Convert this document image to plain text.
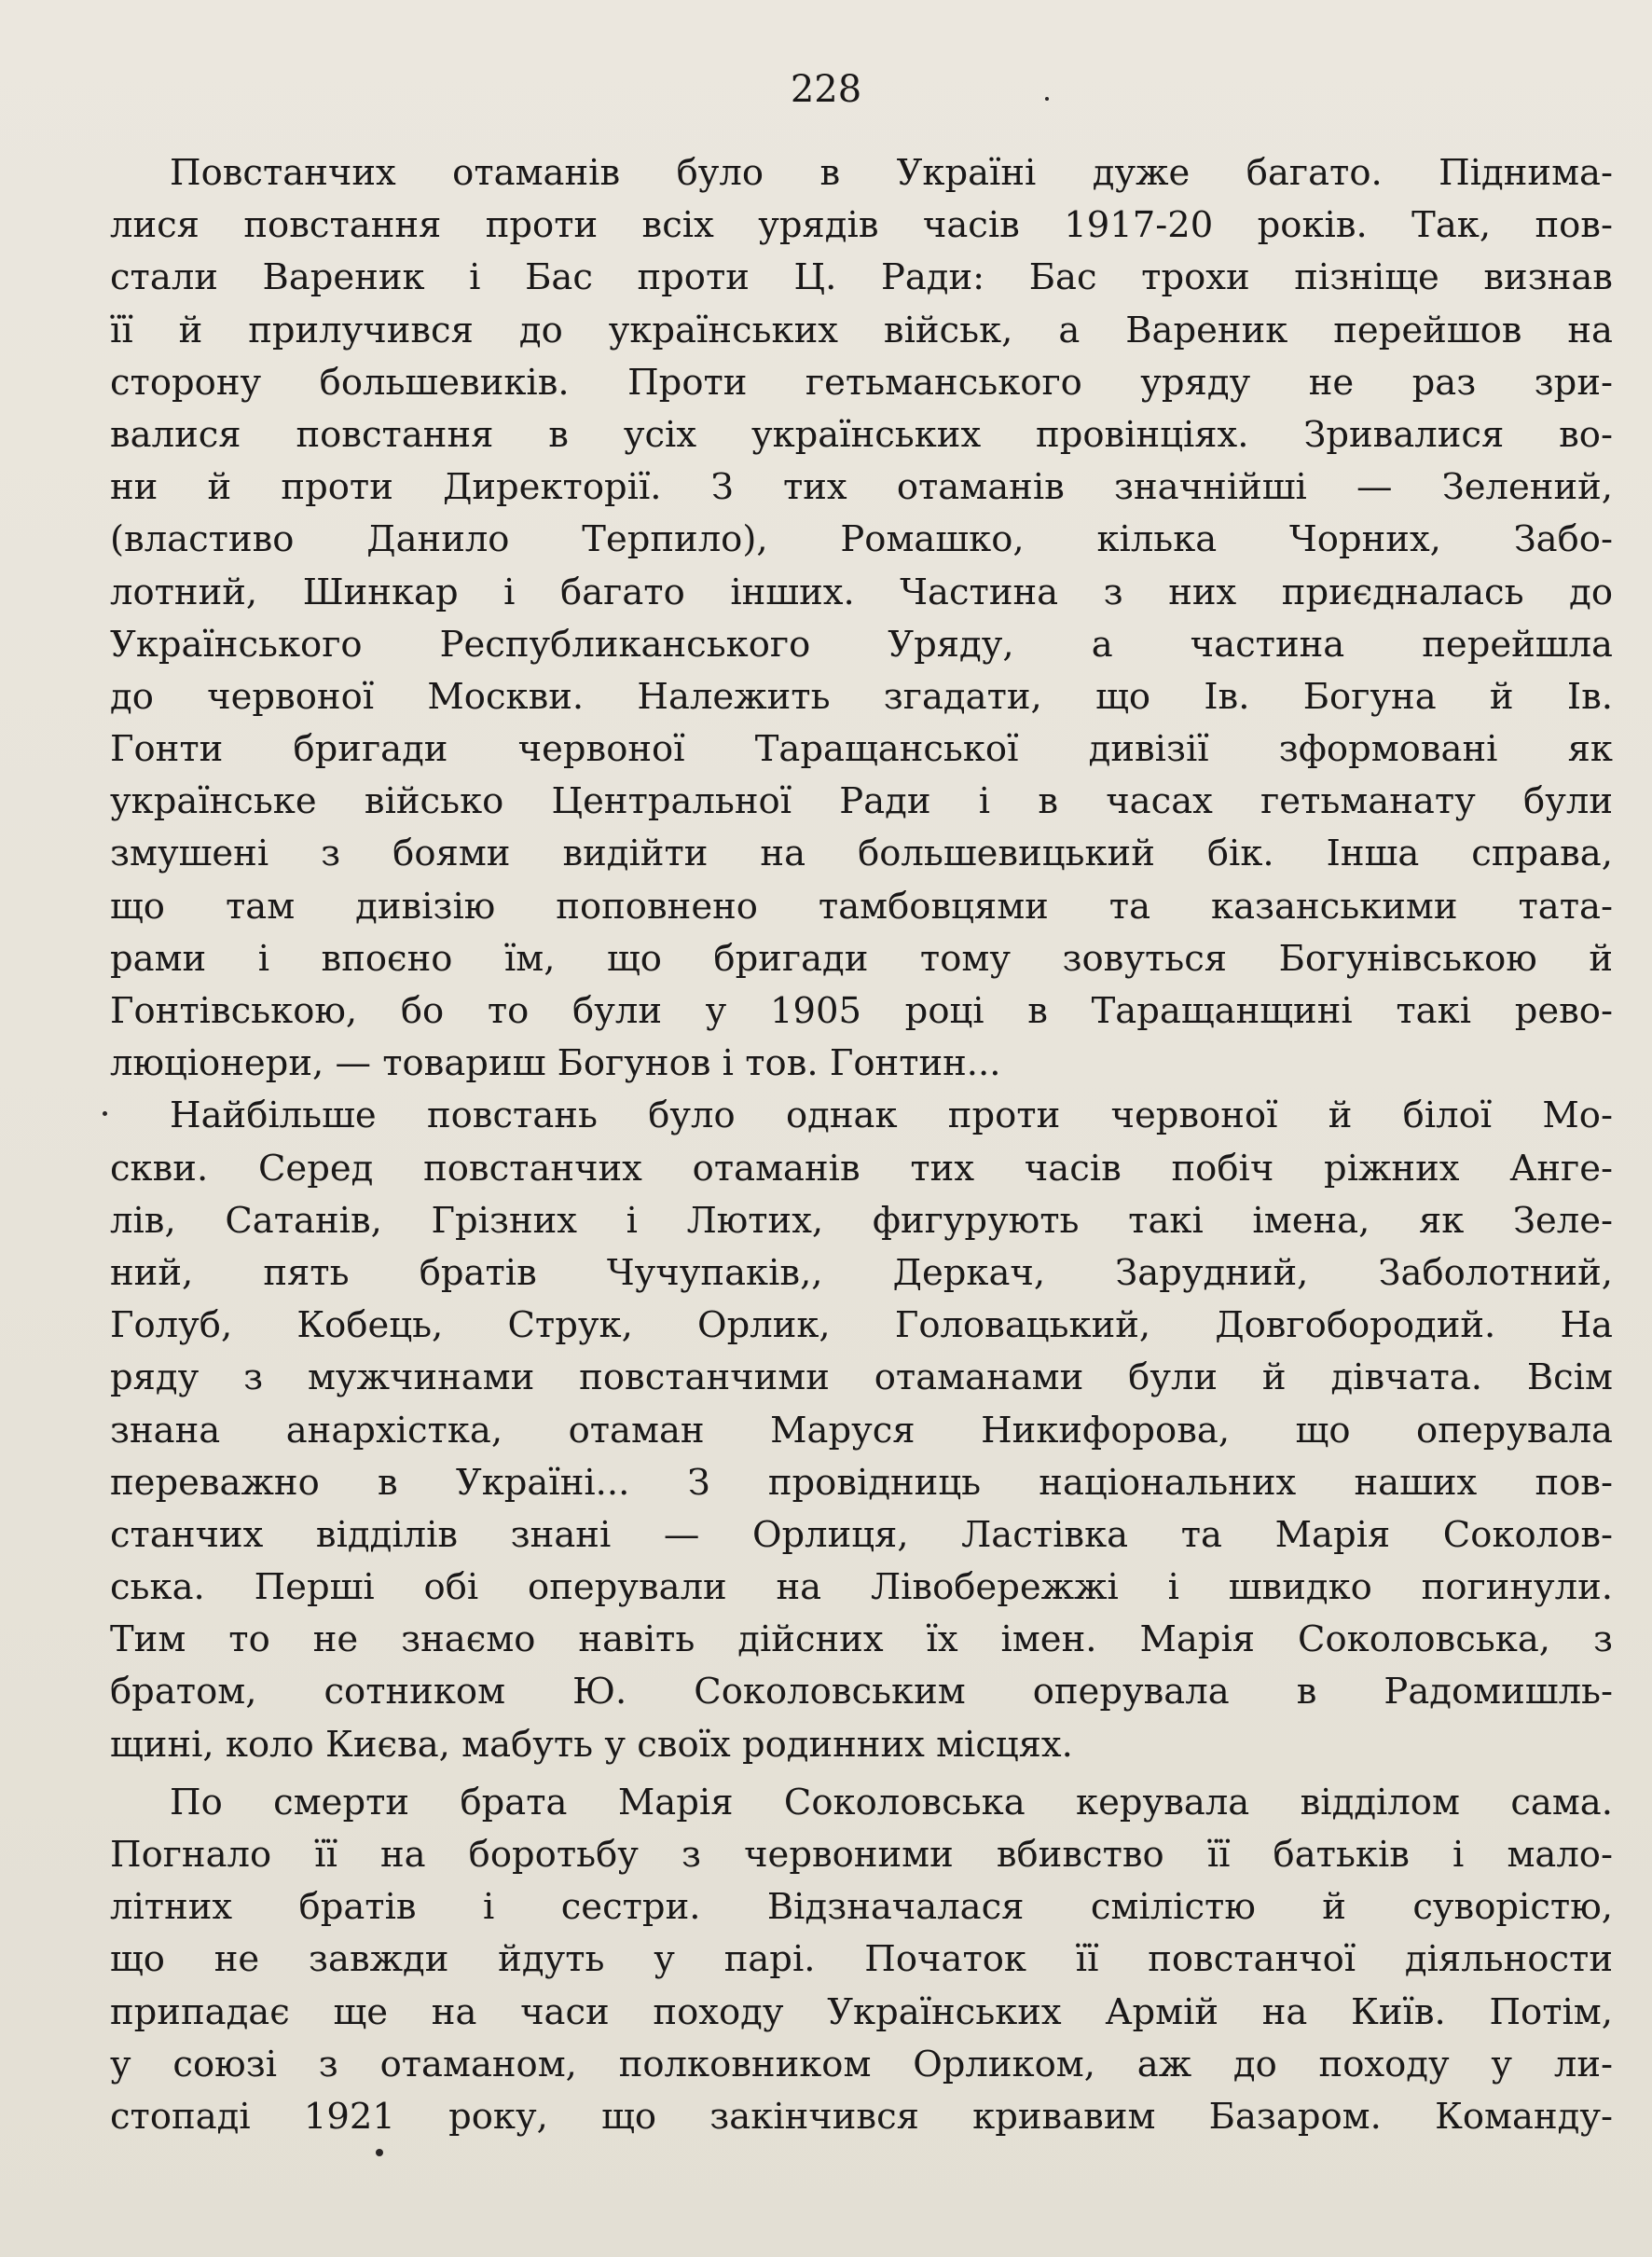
228

Повстанчих отаманів було в Україні дуже багато. Піднима-
лися повстання проти всіх урядів часів 1917-20 років. Так, пов-
стали Вареник і Бас проти Ц. Ради: Бас трохи пізніще визнав
її й прилучився до українських військ, а Вареник перейшов на
сторону большевиків. Проти гетьманського уряду не раз зри-
валися повстання в усіх українських провінціях. Зривалися во-
ни й проти Директорії. З тих отаманів значнійші — Зелений,
(властиво Данило Терпило), Ромашко, кілька Чорних, Забо-
лотний, Шинкар і багато інших. Частина з них приєдналась до
Українського Республиканського Уряду, а частина перейшла
до червоної Москви. Належить згадати, що Ів. Богуна й Ів.
Гонти бригади червоної Таращанської дивізії зформовані як
українське військо Центральної Ради і в часах гетьманату були
змушені з боями видійти на большевицький бік. Інша справа,
що там дивізію поповнено тамбовцями та казанськими тата-
рами і впоєно їм, що бригади тому зовуться Богунівською й
Гонтівською, бо то були у 1905 році в Таращанщині такі рево-
люціонери, — товариш Богунов і тов. Гонтин...

Найбільше повстань було однак проти червоної й білої Мо-
скви. Серед повстанчих отаманів тих часів побіч ріжних Анге-
лів, Сатанів, Грізних і Лютих, фигурують такі імена, як Зеле-
ний, пять братів Чучупаків,, Деркач, Зарудний, Заболотний,
Голуб, Кобець, Струк, Орлик, Головацький, Довгобородий. На
ряду з мужчинами повстанчими отаманами були й дівчата. Всім
знана анархістка, отаман Маруся Никифорова, що оперувала
переважно в Україні... З провідниць національних наших пов-
станчих відділів знані — Орлиця, Ластівка та Марія Соколов-
ська. Перші обі оперували на Лівобережжі і швидко погинули.
Тим то не знаємо навіть дійсних їх імен. Марія Соколовська, з
братом, сотником Ю. Соколовським оперувала в Радомишль-
щині, коло Києва, мабуть у своїх родинних місцях.

По смерти брата Марія Соколовська керувала відділом сама.
Погнало її на боротьбу з червоними вбивство її батьків і мало-
літних братів і сестри. Відзначалася смілістю й суворістю,
що не завжди йдуть у парі. Початок її повстанчої діяльности
припадає ще на часи походу Українських Армій на Київ. Потім,
у союзі з отаманом, полковником Орликом, аж до походу у ли-
стопаді 1921 року, що закінчився кривавим Базаром. Команду-
